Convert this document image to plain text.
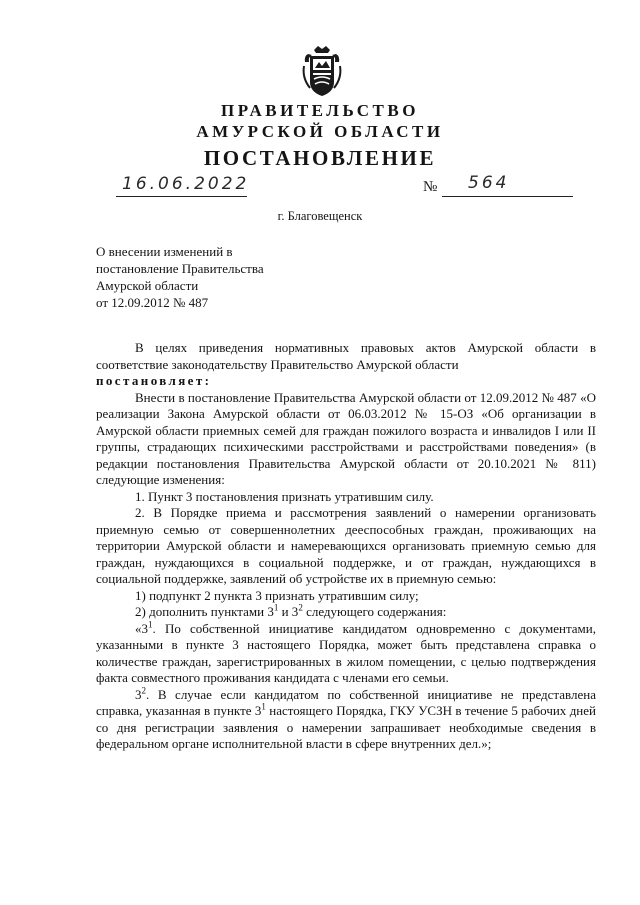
ПРАВИТЕЛЬСТВО
АМУРСКОЙ ОБЛАСТИ
ПОСТАНОВЛЕНИЕ
16.06.2022	№ 564
г. Благовещенск
О внесении изменений в
постановление Правительства
Амурской области
от 12.09.2012 № 487

В целях приведения нормативных правовых актов Амурской области в соответствие законодательству Правительство Амурской области

постановляет:

Внести в постановление Правительства Амурской области от 12.09.2012 № 487 «О реализации Закона Амурской области от 06.03.2012 № 15-ОЗ «Об организации в Амурской области приемных семей для граждан пожилого возраста и инвалидов I или II группы, страдающих психическими расстройствами и расстройствами поведения» (в редакции постановления Правительства Амурской области от 20.10.2021 № 811) следующие изменения:

1. Пункт 3 постановления признать утратившим силу.

2. В Порядке приема и рассмотрения заявлений о намерении организовать приемную семью от совершеннолетних дееспособных граждан, проживающих на территории Амурской области и намеревающихся организовать приемную семью для граждан, нуждающихся в социальной поддержке, и от граждан, нуждающихся в социальной поддержке, заявлений об устройстве их в приемную семью:

1) подпункт 2 пункта 3 признать утратившим силу;

2) дополнить пунктами $3^1$ и $3^2$ следующего содержания:

«$3^1$. По собственной инициативе кандидатом одновременно с документами, указанными в пункте 3 настоящего Порядка, может быть представлена справка о количестве граждан, зарегистрированных в жилом помещении, с целью подтверждения факта совместного проживания кандидата с членами его семьи.

$3^2$. В случае если кандидатом по собственной инициативе не представлена справка, указанная в пункте $3^1$ настоящего Порядка, ГКУ УСЗН в течение 5 рабочих дней со дня регистрации заявления о намерении запрашивает необходимые сведения в федеральном органе исполнительной власти в сфере внутренних дел.»;
